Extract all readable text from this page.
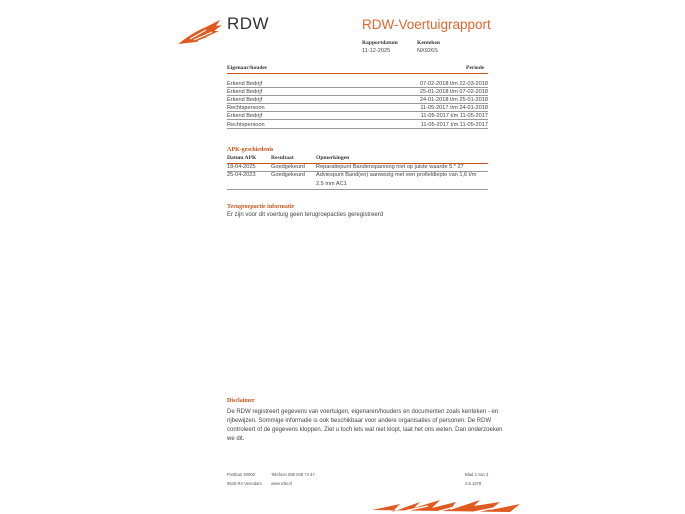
RDW	RDW-Voertuigrapport
Rapportdatum
11-12-2025
Kenteken
NX926S
Eigenaar/houder	Periode
Erkend Bedrijf	07-02-2018 t/m 22-03-2018
Erkend Bedrijf	25-01-2018 t/m 07-02-2018
Erkend Bedrijf	24-01-2018 t/m 25-01-2018
Rechtspersoon	11-05-2017 t/m 24-01-2018
Erkend Bedrijf	11-05-2017 t/m 11-05-2017
Rechtspersoon	11-05-2017 t/m 11-05-2017
APK-geschiedenis
Datum APK	Resultaat	Opmerkingen
18-04-2025	Goedgekeurd Reparatiepunt Bandenspanning niet op juiste waarde 5.* 27
25-04-2023	Goedgekeurd Advies​punt Band(en) aanwezig met een profieldiepte van 1,6 t/m
2,5 mm AC1
Terugroepactie informatie
Er zijn voor dit voertuig geen terugroepacties geregistreerd
Disclaimer
De RDW registreert gegevens van voertuigen, eigenaren/houders en documenten zoals kenteken - en
rijbewijzen. Sommige informatie is ook beschikbaar voor andere organisaties of personen. De RDW
controleert of de gegevens kloppen. Ziet u toch iets wat niet klopt, laat het ons weten. Dan onderzoeken
we dit.
Postbus 30000
9640 RA Veendam
Telefoon 088 008 74 47
www.rdw.nl
Blad 2 van 3
2.6.1678
